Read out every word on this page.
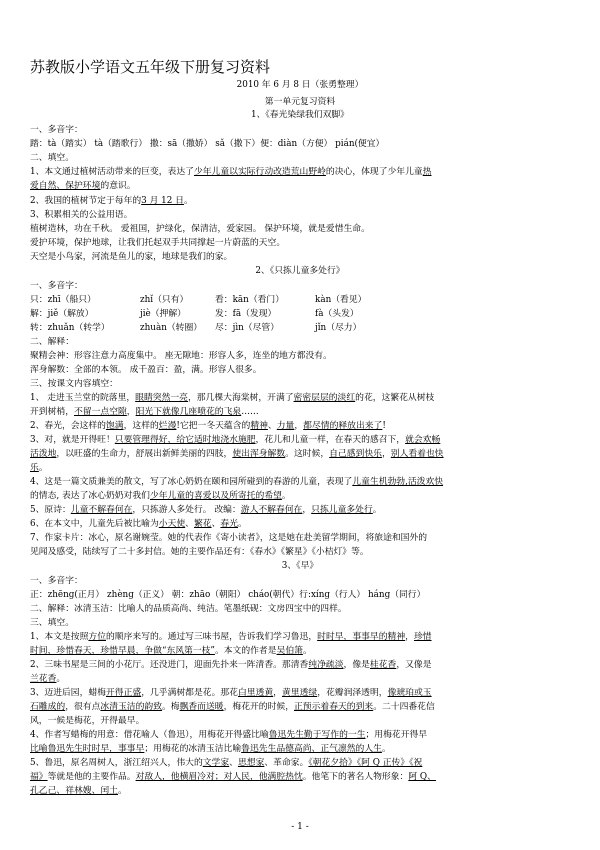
苏教版小学语文五年级下册复习资料
2010 年 6 月 8 日（张勇整理）
第一单元复习资料
1、《春光染绿我们双脚》
一、多音字：
踏：tà（踏实） tà（踏歌行） 撒：sā（撒娇） sǎ（撒下）便：diàn（方便） pián(便宜）
二、填空。
1、本文通过植树活动带来的巨变，表达了少年儿童以实际行动改造荒山野岭的决心，体现了少年儿童热
爱自然、保护环境的意识。
2、我国的植树节定于每年的3 月 12 日。
3、积累相关的公益用语。
植树造林，功在千秋。 爱祖国，护绿化，保清洁，爱家园。 保护环境，就是爱惜生命。
爱护环境，保护地球，让我们托起双手共同撑起一片蔚蓝的天空。
天空是小鸟家，河流是鱼儿的家，地球是我们的家。
2、《只拣儿童多处行》
一、多音字：
只：zhī（船只）	zhǐ（只有）	看：kān（看门）	kàn（看见）
解：jiě（解放）	jiè（押解）	发：fā（发现）	fà（头发）
转：zhuǎn（转学）	zhuàn（转圈） 尽：jìn（尽管）	jǐn（尽力）
二、解释：
聚精会神：形容注意力高度集中。 座无隙地：形容人多，连坐的地方都没有。
浑身解数：全部的本领。 成千盈百：盈，满。形容人很多。
三、按课文内容填空：
1、 走进玉兰堂的院落里，眼睛突然一亮，那几棵大海棠树，开满了密密层层的淡红的花，这繁花从树枝
开到树梢，不留一点空隙，阳光下就像几座喷花的飞泉……
2、春光，会这样的饱满，这样的烂漫!它把一冬天蕴含的精神、力量，都尽情的释放出来了!
3、对，就是开得旺！只要管理得好，给它适时地浇水施肥，花儿和儿童一样，在春天的感召下，就会欢畅
活泼地，以旺盛的生命力，舒展出新鲜美丽的四肢，使出浑身解数。这时候，自己感到快乐，别人看着也快
乐。
4、这是一篇文质兼美的散文，写了冰心奶奶在颐和园所碰到的春游的儿童，表现了儿童生机勃勃,活泼欢快
的情态, 表达了冰心奶奶对我们少年儿童的喜爱以及所寄托的希望。
5、原诗：儿童不解春何在，只拣游人多处行。 改编：游人不解春何在，只拣儿童多处行。
6、在本文中，儿童先后被比喻为小天使、繁花、春光。
7、作家卡片：冰心，原名谢婉莹。她的代表作《寄小读者》，这是她在赴美留学期间，将旅途和国外的
见闻及感受，陆续写了二十多封信。她的主要作品还有：《春水》《繁星》《小桔灯》等。
3、《早》
一、多音字：
正：zhēng(正月） zhèng（正义） 朝：zhāo（朝阳） cháo(朝代）行:xíng（行人） háng（同行）
二、解释：冰清玉洁：比喻人的品质高尚、纯洁。笔墨纸砚：文房四宝中的四样。
三、填空。
1、本文是按照方位的顺序来写的。通过写三味书屋，告诉我们学习鲁迅，时时早，事事早的精神，珍惜
时间，珍惜春天，珍惜早晨，争做“东风第一枝”。本文的作者是吴伯箫。
2、三味书屋是三间的小花厅。还没进门，迎面先扑来一阵清香。那清香纯净疏淡，像是桂花香，又像是
兰花香。
3、迈进后园，蜡梅开得正盛，几乎满树都是花。那花白里透黄，黄里透绿，花瓣润泽透明，像琥珀或玉
石雕成的，很有点冰清玉洁的韵致。梅飘香而送暖，梅花开的时候，正预示着春天的到来。二十四番花信
风，一候是梅花，开得最早。
4、作者写蜡梅的用意：借花喻人（鲁迅），用梅花开得盛比喻鲁迅先生勤于写作的一生；用梅花开得早
比喻鲁迅先生时时早，事事早；用梅花的冰清玉洁比喻鲁迅先生品德高尚、正气凛然的人生。
5、鲁迅，原名周树人，浙江绍兴人，伟大的文学家、思想家、革命家。《朝花夕拾》《阿 Q 正传》《祝
福》等就是他的主要作品。对敌人，他横眉冷对；对人民，他满腔热忱。他笔下的著名人物形象：阿 Q、
孔乙己、祥林嫂、闰土。
- 1 -
